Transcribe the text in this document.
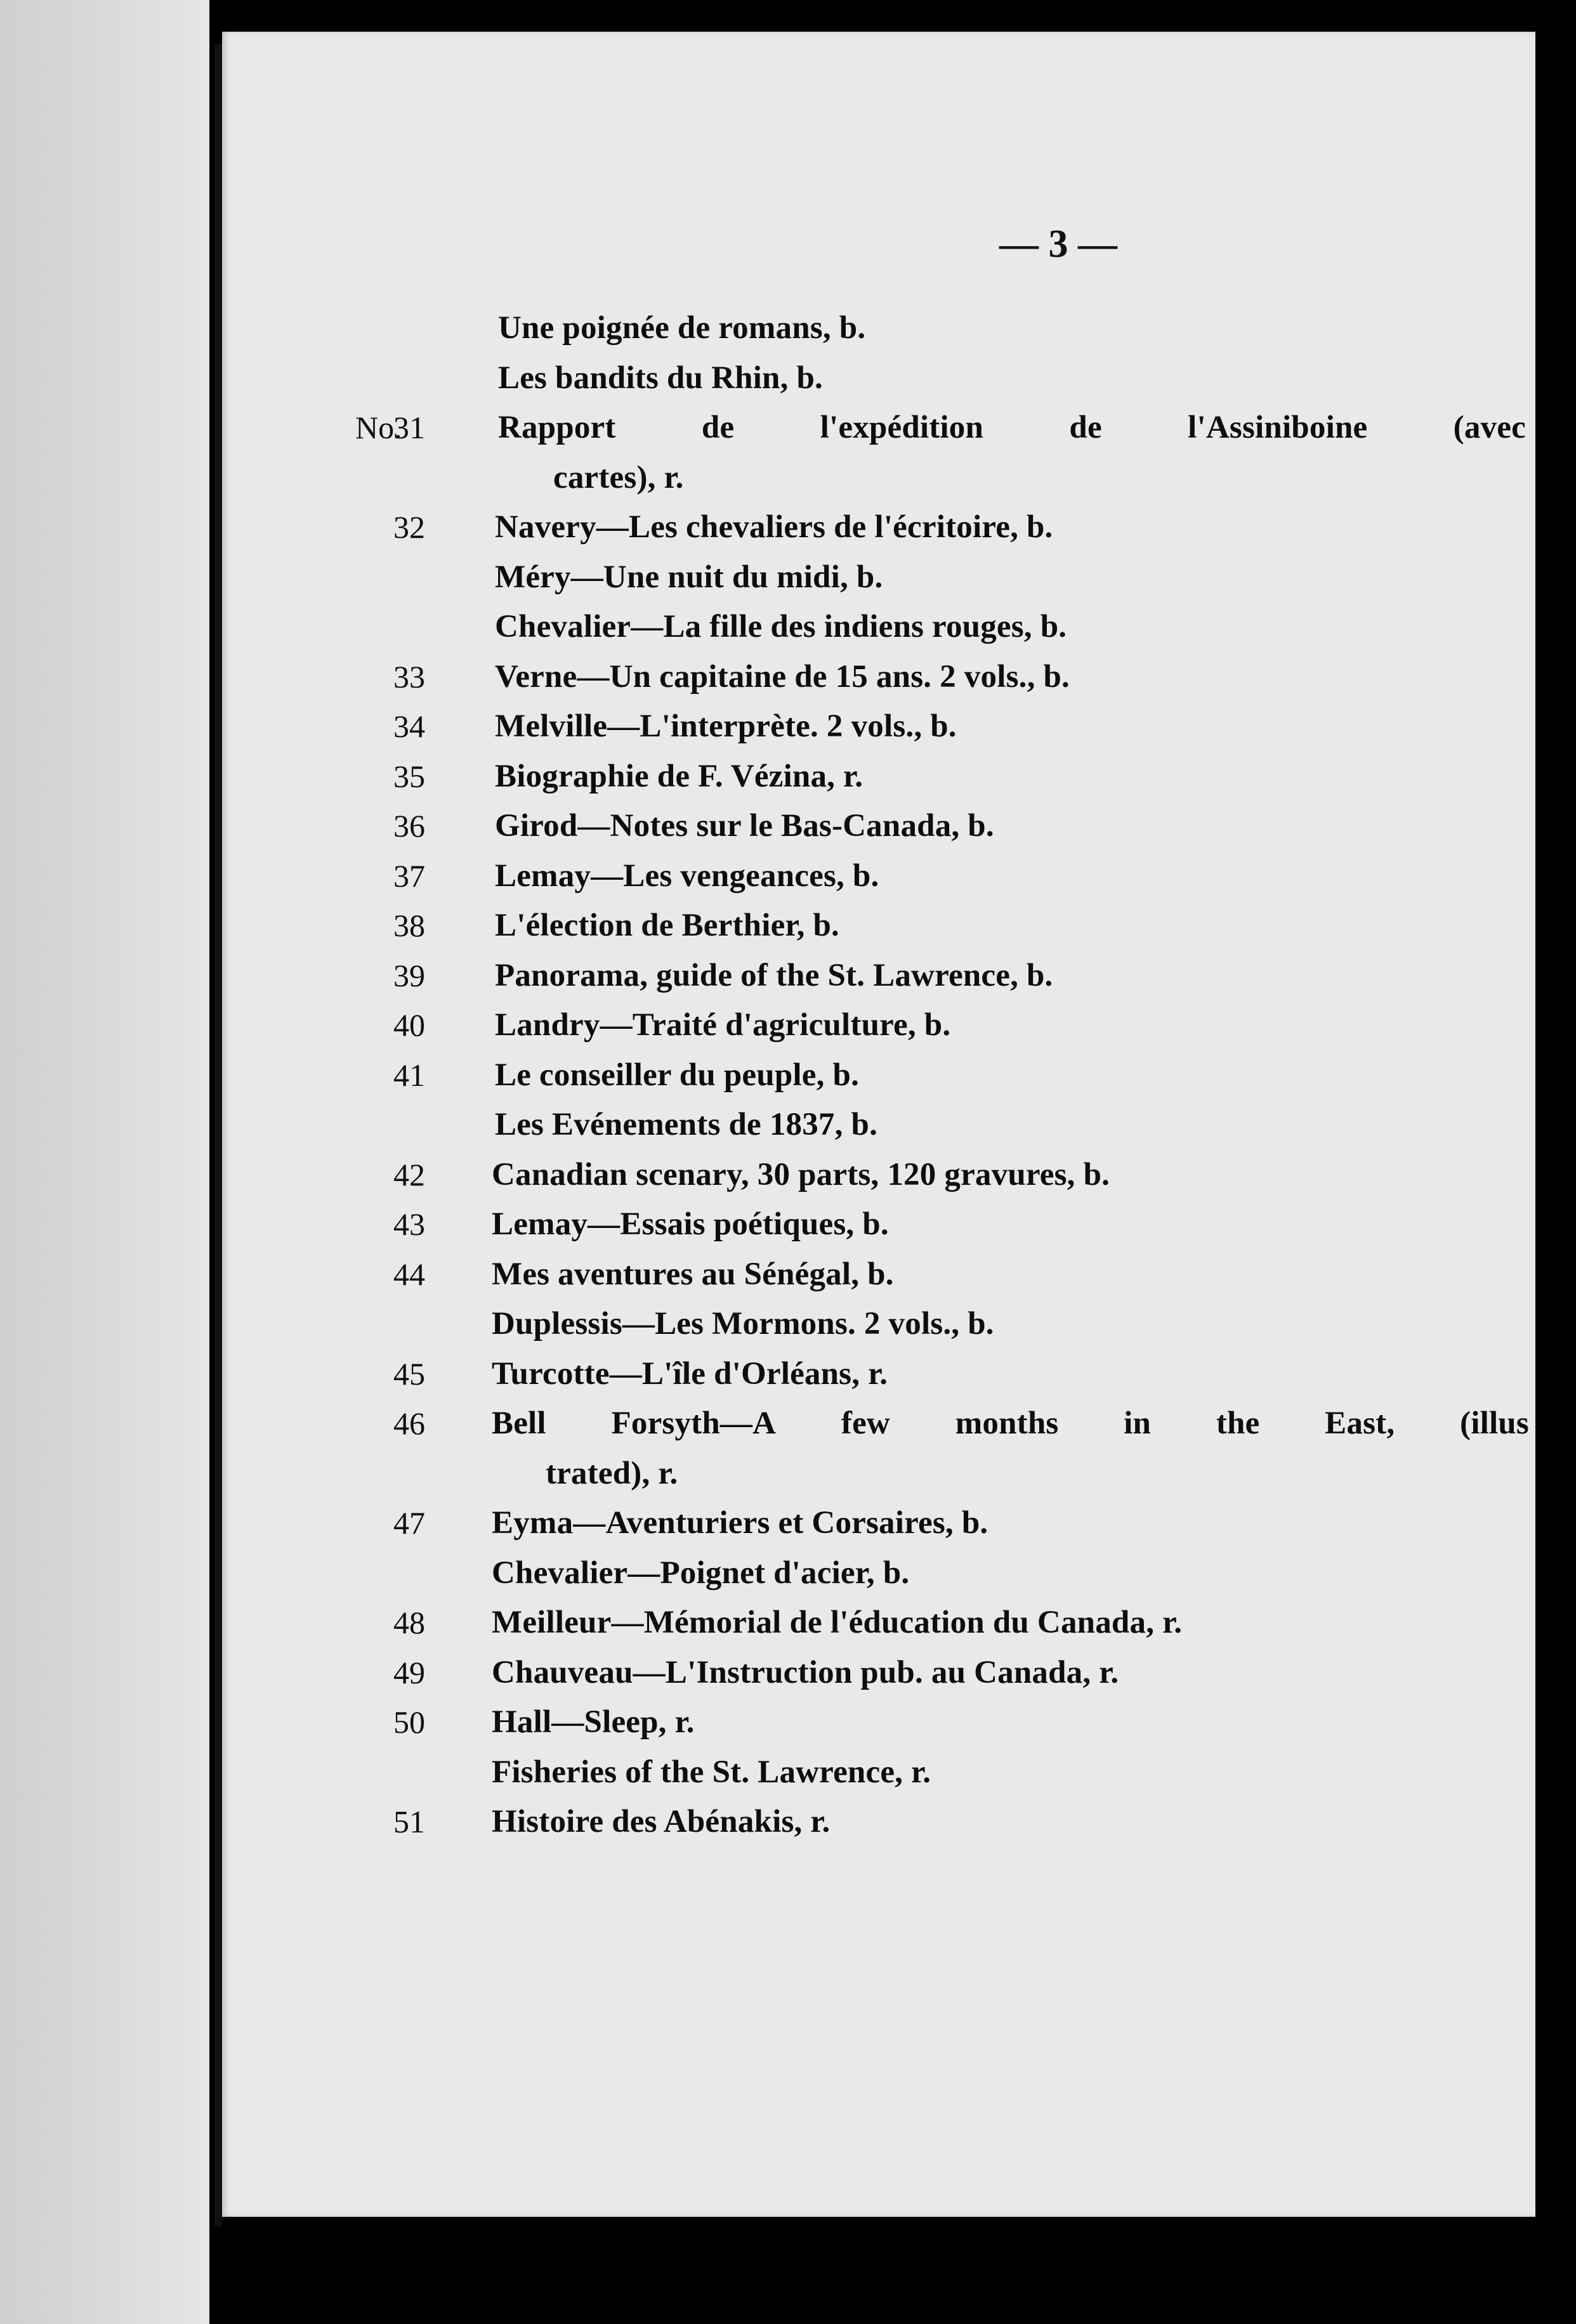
— 3 —
Une poignée de romans, b.
Les bandits du Rhin, b.
No.
31 Rapport	de	l'expédition	de	l'Assiniboine	(avec
cartes), r.
32 Navery—Les chevaliers de l'écritoire, b.
Méry—Une nuit du midi, b.
Chevalier—La fille des indiens rouges, b.
33 Verne—Un capitaine de 15 ans. 2 vols., b.
34 Melville—L'interprète. 2 vols., b.
35 Biographie de F. Vézina, r.
36 Girod—Notes sur le Bas-Canada, b.
37 Lemay—Les vengeances, b.
38 L'élection de Berthier, b.
39 Panorama, guide of the St. Lawrence, b.
40 Landry—Traité d'agriculture, b.
41 Le conseiller du peuple, b.
Les Evénements de 1837, b.
42 Canadian scenary, 30 parts, 120 gravures, b.
43 Lemay—Essais poétiques, b.
44 Mes aventures au Sénégal, b.
Duplessis—Les Mormons. 2 vols., b.
45 Turcotte—L'île d'Orléans, r.
46 Bell Forsyth—A few months in the East, (illus
trated), r.
47 Eyma—Aventuriers et Corsaires, b.
Chevalier—Poignet d'acier, b.
48 Meilleur—Mémorial de l'éducation du Canada, r.
49 Chauveau—L'Instruction pub. au Canada, r.
50 Hall—Sleep, r.
Fisheries of the St. Lawrence, r.
51 Histoire des Abénakis, r.
